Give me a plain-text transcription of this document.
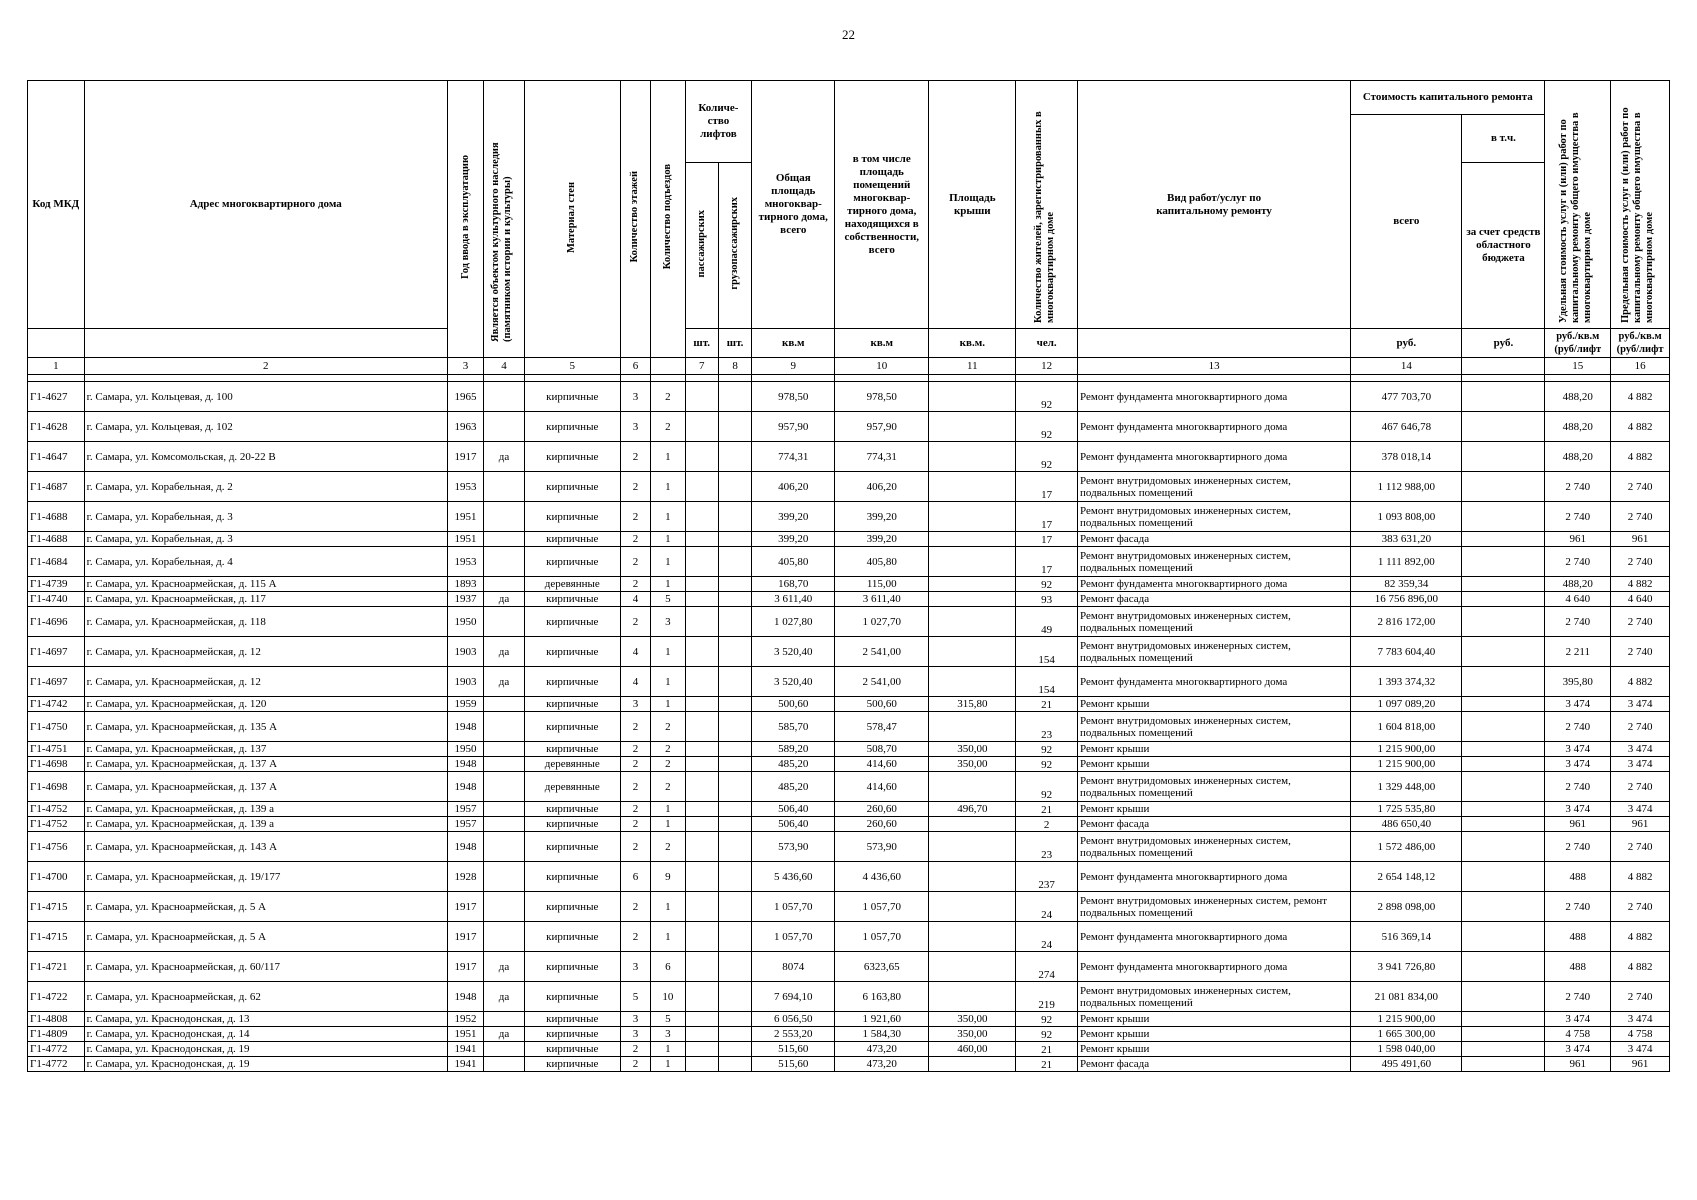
22
Код МКД	Адрес многоквартирного дома	Год ввода в эксплуатацию	Является объектом культурного наследия (памятником истории и культуры)	Материал стен	Количество этажей	Количество подъездов	Количе- ство лифтов		Общая площадь многоквар- тирного дома, всего	в том числе площадь помещений многоквар- тирного дома, находящихся в собственности, всего	Площадь крыши	Количество жителей, зарегистрированных в многоквартирном доме	Вид работ/услуг по капитальному ремонту	Стоимость капитального ремонта		Удельная стоимость услуг и (или) работ по капитальному ремонту общего имущества в многоквартирном доме	Предельная стоимость услуг и (или) работ по капитальному ремонту общего имущества в многоквартирном доме
														всего	в т.ч.		
							пассажирских	грузопассажирских							за счет средств областного бюджета		
							шт.	шт.	кв.м	кв.м	кв.м.	чел.		руб.	руб.	руб./кв.м (руб/лифт	руб./кв.м (руб/лифт
1	2	3	4	5	6		7	8	9	10	11	12	13	14		15	16

Г1-4627	г. Самара, ул. Кольцевая, д. 100	1965		кирпичные	3	2			978,50	978,50		92	Ремонт фундамента многоквартирного дома	477 703,70		488,20	4 882
Г1-4628	г. Самара, ул. Кольцевая, д. 102	1963		кирпичные	3	2			957,90	957,90		92	Ремонт фундамента многоквартирного дома	467 646,78		488,20	4 882
Г1-4647	г. Самара, ул. Комсомольская, д. 20-22 В	1917	да	кирпичные	2	1			774,31	774,31		92	Ремонт фундамента многоквартирного дома	378 018,14		488,20	4 882
Г1-4687	г. Самара, ул. Корабельная, д. 2	1953		кирпичные	2	1			406,20	406,20		17	Ремонт внутридомовых инженерных систем, подвальных помещений	1 112 988,00		2 740	2 740
Г1-4688	г. Самара, ул. Корабельная, д. 3	1951		кирпичные	2	1			399,20	399,20		17	Ремонт внутридомовых инженерных систем, подвальных помещений	1 093 808,00		2 740	2 740
Г1-4688	г. Самара, ул. Корабельная, д. 3	1951		кирпичные	2	1			399,20	399,20		17	Ремонт фасада	383 631,20		961	961
Г1-4684	г. Самара, ул. Корабельная, д. 4	1953		кирпичные	2	1			405,80	405,80		17	Ремонт внутридомовых инженерных систем, подвальных помещений	1 111 892,00		2 740	2 740
Г1-4739	г. Самара, ул. Красноармейская, д. 115 А	1893		деревянные	2	1			168,70	115,00		92	Ремонт фундамента многоквартирного дома	82 359,34		488,20	4 882
Г1-4740	г. Самара, ул. Красноармейская, д. 117	1937	да	кирпичные	4	5			3 611,40	3 611,40		93	Ремонт фасада	16 756 896,00		4 640	4 640
Г1-4696	г. Самара, ул. Красноармейская, д. 118	1950		кирпичные	2	3			1 027,80	1 027,70		49	Ремонт внутридомовых инженерных систем, подвальных помещений	2 816 172,00		2 740	2 740
Г1-4697	г. Самара, ул. Красноармейская, д. 12	1903	да	кирпичные	4	1			3 520,40	2 541,00		154	Ремонт внутридомовых инженерных систем, подвальных помещений	7 783 604,40		2 211	2 740
Г1-4697	г. Самара, ул. Красноармейская, д. 12	1903	да	кирпичные	4	1			3 520,40	2 541,00		154	Ремонт фундамента многоквартирного дома	1 393 374,32		395,80	4 882
Г1-4742	г. Самара, ул. Красноармейская, д. 120	1959		кирпичные	3	1			500,60	500,60	315,80	21	Ремонт крыши	1 097 089,20		3 474	3 474
Г1-4750	г. Самара, ул. Красноармейская, д. 135 А	1948		кирпичные	2	2			585,70	578,47		23	Ремонт внутридомовых инженерных систем, подвальных помещений	1 604 818,00		2 740	2 740
Г1-4751	г. Самара, ул. Красноармейская, д. 137	1950		кирпичные	2	2			589,20	508,70	350,00	92	Ремонт крыши	1 215 900,00		3 474	3 474
Г1-4698	г. Самара, ул. Красноармейская, д. 137 А	1948		деревянные	2	2			485,20	414,60	350,00	92	Ремонт крыши	1 215 900,00		3 474	3 474
Г1-4698	г. Самара, ул. Красноармейская, д. 137 А	1948		деревянные	2	2			485,20	414,60		92	Ремонт внутридомовых инженерных систем, подвальных помещений	1 329 448,00		2 740	2 740
Г1-4752	г. Самара, ул. Красноармейская, д. 139 а	1957		кирпичные	2	1			506,40	260,60	496,70	21	Ремонт крыши	1 725 535,80		3 474	3 474
Г1-4752	г. Самара, ул. Красноармейская, д. 139 а	1957		кирпичные	2	1			506,40	260,60		2	Ремонт фасада	486 650,40		961	961
Г1-4756	г. Самара, ул. Красноармейская, д. 143 А	1948		кирпичные	2	2			573,90	573,90		23	Ремонт внутридомовых инженерных систем, подвальных помещений	1 572 486,00		2 740	2 740
Г1-4700	г. Самара, ул. Красноармейская, д. 19/177	1928		кирпичные	6	9			5 436,60	4 436,60		237	Ремонт фундамента многоквартирного дома	2 654 148,12		488	4 882
Г1-4715	г. Самара, ул. Красноармейская, д. 5 А	1917		кирпичные	2	1			1 057,70	1 057,70		24	Ремонт внутридомовых инженерных систем, ремонт подвальных помещений	2 898 098,00		2 740	2 740
Г1-4715	г. Самара, ул. Красноармейская, д. 5 А	1917		кирпичные	2	1			1 057,70	1 057,70		24	Ремонт фундамента многоквартирного дома	516 369,14		488	4 882
Г1-4721	г. Самара, ул. Красноармейская, д. 60/117	1917	да	кирпичные	3	6			8074	6323,65		274	Ремонт фундамента многоквартирного дома	3 941 726,80		488	4 882
Г1-4722	г. Самара, ул. Красноармейская, д. 62	1948	да	кирпичные	5	10			7 694,10	6 163,80		219	Ремонт внутридомовых инженерных систем, подвальных помещений	21 081 834,00		2 740	2 740
Г1-4808	г. Самара, ул. Краснодонская, д. 13	1952		кирпичные	3	5			6 056,50	1 921,60	350,00	92	Ремонт крыши	1 215 900,00		3 474	3 474
Г1-4809	г. Самара, ул. Краснодонская, д. 14	1951	да	кирпичные	3	3			2 553,20	1 584,30	350,00	92	Ремонт крыши	1 665 300,00		4 758	4 758
Г1-4772	г. Самара, ул. Краснодонская, д. 19	1941		кирпичные	2	1			515,60	473,20	460,00	21	Ремонт крыши	1 598 040,00		3 474	3 474
Г1-4772	г. Самара, ул. Краснодонская, д. 19	1941		кирпичные	2	1			515,60	473,20		21	Ремонт фасада	495 491,60		961	961
